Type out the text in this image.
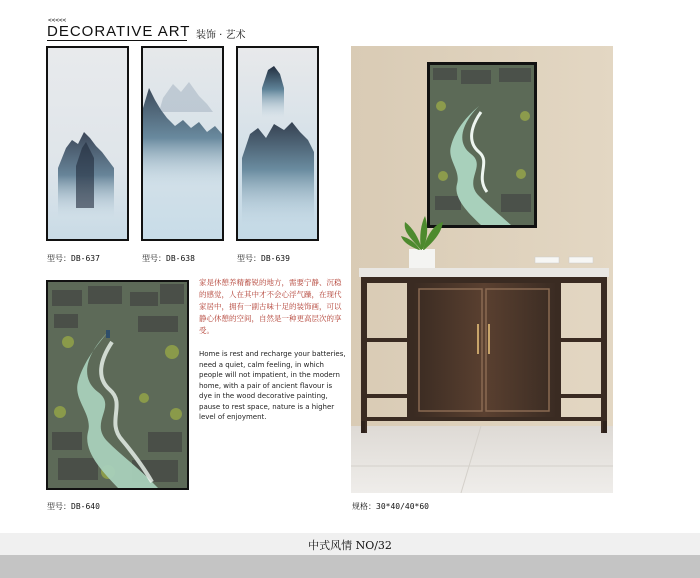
<<<<<
DECORATIVE ART 装饰 · 艺术
型号：DB-637	型号：DB-638	型号：DB-639
型号：DB-640
家是休憩养精蓄锐的地方，需要宁静、沉稳的感觉，人在其中才不会心浮气躁，在现代家居中，拥有一副古味十足的装饰画，可以静心休憩的空间，自然是一种更高层次的享受。
Home is rest and recharge your batteries, need a quiet, calm feeling, in which people will not impatient, in the modern home, with a pair of ancient flavour is dye in the wood decorative painting, pause to rest space, nature is a higher level of enjoyment.
规格：30*40/40*60
中式风情 NO/32
